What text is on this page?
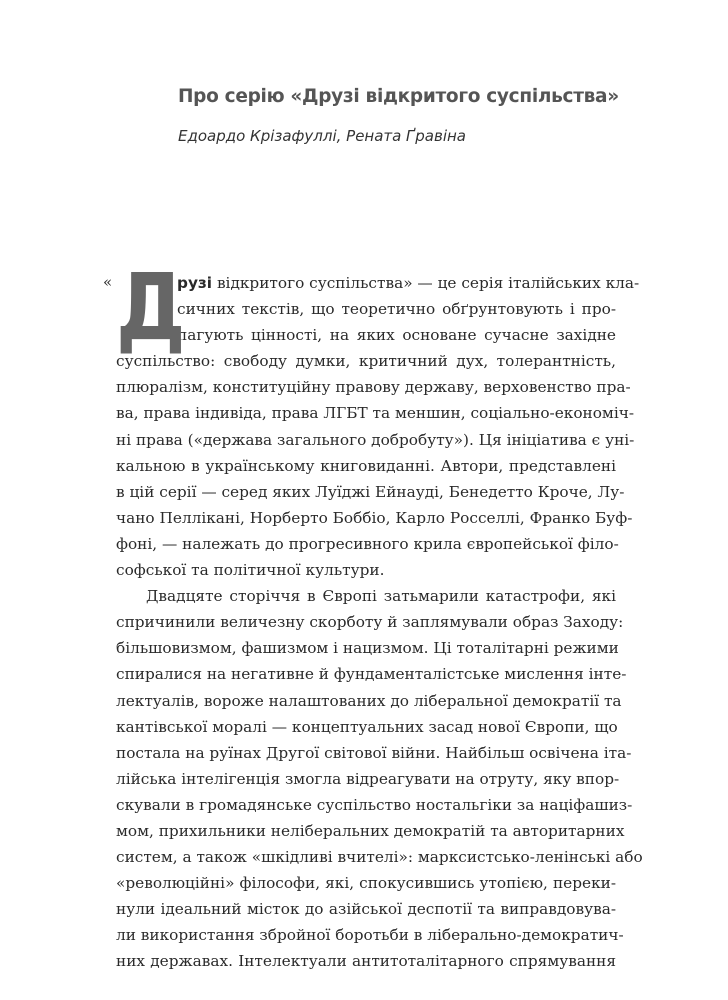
Про серію «Друзі відкритого суспільства»
Едоардо Крізафуллі, Рената Ґравіна
« Д
рузі відкритого суспільства» — це серія італійських кла-
сичних текстів, що теоретично обґрунтовують і про-
пагують цінності, на яких основане сучасне західне
суспільство: свободу думки, критичний дух, толерантність,
плюралізм, конституційну правову державу, верховенство пра-
ва, права індивіда, права ЛГБТ та меншин, соціально-економіч-
ні права («держава загального добробуту»). Ця ініціатива є уні-
кальною в українському книговиданні. Автори, представлені
в цій серії — серед яких Луїджі Ейнауді, Бенедетто Кроче, Лу-
чано Пеллікані, Норберто Боббіо, Карло Росселлі, Франко Буф-
фоні, — належать до прогресивного крила європейської філо-
софської та політичної культури.
Двадцяте сторіччя в Європі затьмарили катастрофи, які
спричинили величезну скорботу й заплямували образ Заходу:
більшовизмом, фашизмом і нацизмом. Ці тоталітарні режими
спиралися на негативне й фундаменталістське мислення інте-
лектуалів, вороже налаштованих до ліберальної демократії та
кантівської моралі — концептуальних засад нової Європи, що
постала на руїнах Другої світової війни. Найбільш освічена іта-
лійська інтелігенція змогла відреагувати на отруту, яку впор-
скували в громадянське суспільство ностальгіки за націфашиз-
мом, прихильники неліберальних демократій та авторитарних
систем, а також «шкідливі вчителі»: марксистсько-ленінські або
«революційні» філософи, які, спокусившись утопією, переки-
нули ідеальний місток до азійської деспотії та виправдовува-
ли використання збройної боротьби в ліберально-демократич-
них державах. Інтелектуали антитоталітарного спрямування
